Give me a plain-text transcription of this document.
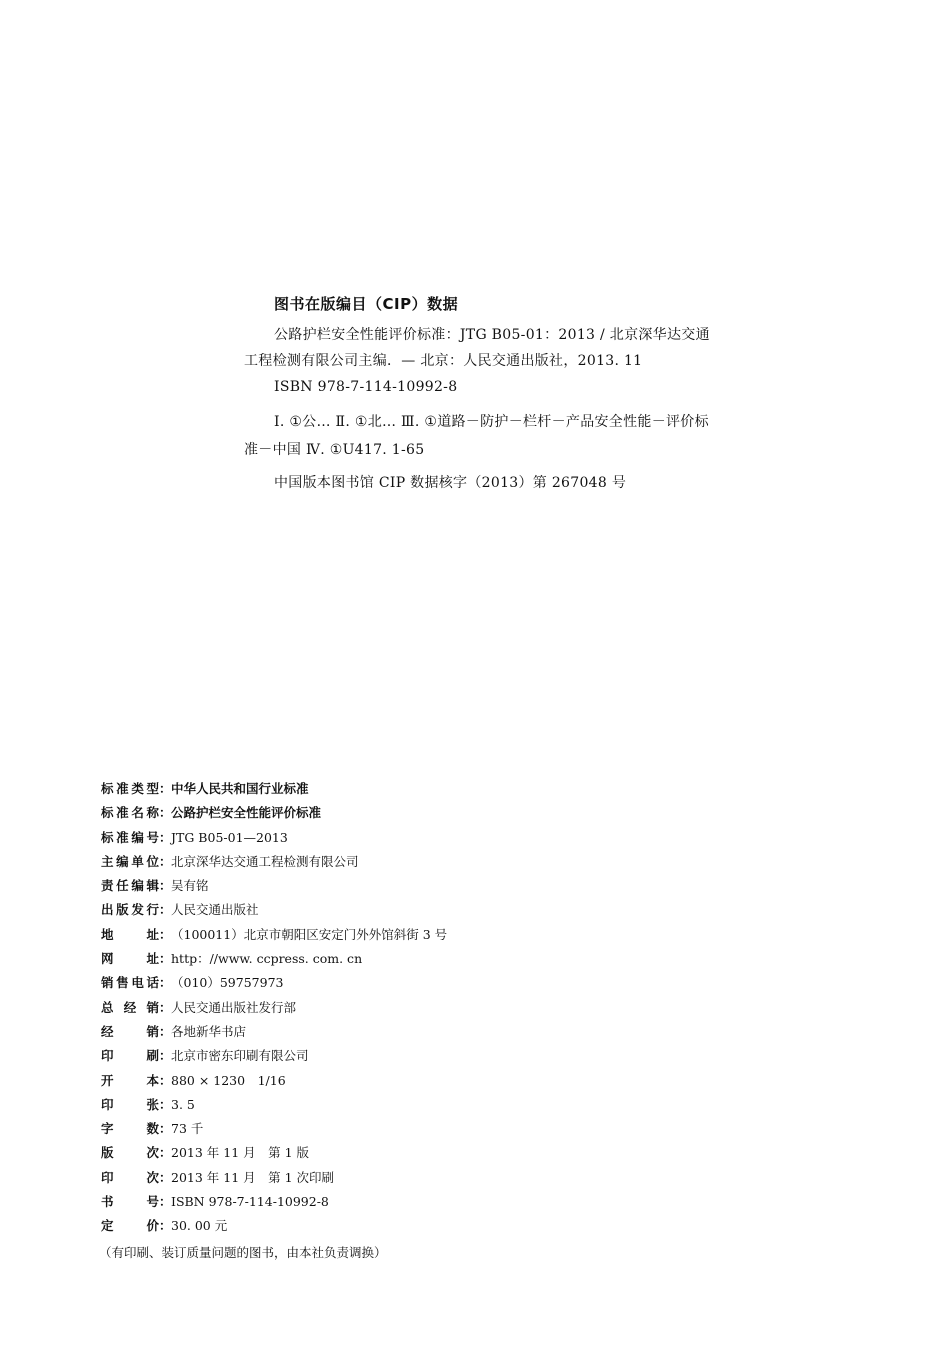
图书在版编目（CIP）数据
公路护栏安全性能评价标准：JTG B05-01：2013 / 北京深华达交通工程检测有限公司主编．— 北京：人民交通出版社，2013. 11
ISBN 978-7-114-10992-8
Ⅰ. ①公… Ⅱ. ①北… Ⅲ. ①道路－防护－栏杆－产品安全性能－评价标准－中国 Ⅳ. ①U417. 1-65
中国版本图书馆 CIP 数据核字（2013）第 267048 号
标 准 类 型 ： 中华人民共和国行业标准
标 准 名 称 ： 公路护栏安全性能评价标准
标 准 编 号 ： JTG B05-01—2013
主 编 单 位 ： 北京深华达交通工程检测有限公司
责 任 编 辑 ： 吴有铭
出 版 发 行 ： 人民交通出版社
地	址 ： （100011）北京市朝阳区安定门外外馆斜街 3 号
网	址 ： http：//www. ccpress. com. cn
销 售 电 话 ： （010）59757973
总 经 销 ： 人民交通出版社发行部
经	销 ： 各地新华书店
印	刷 ： 北京市密东印刷有限公司
开	本 ： 880 × 1230　1/16
印	张 ： 3. 5
字	数 ： 73 千
版	次 ： 2013 年 11 月　第 1 版
印	次 ： 2013 年 11 月　第 1 次印刷
书	号 ： ISBN 978-7-114-10992-8
定	价 ： 30. 00 元
（有印刷、装订质量问题的图书，由本社负责调换）
